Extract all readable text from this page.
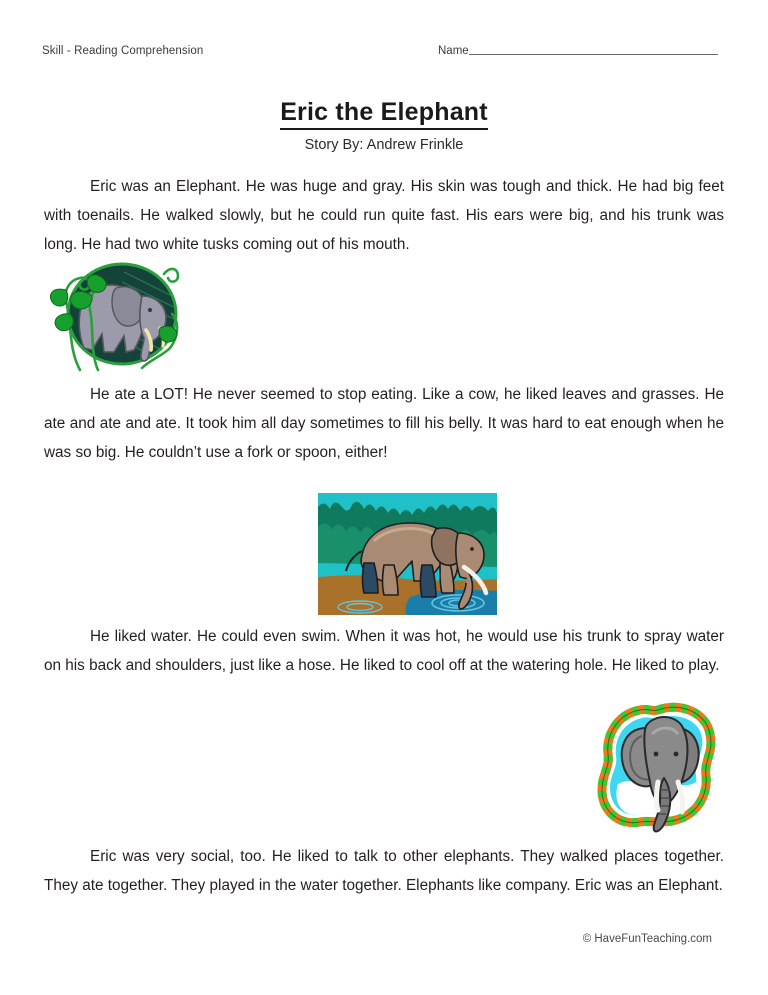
Skill - Reading Comprehension	Name
Eric the Elephant
Story By: Andrew Frinkle
Eric was an Elephant. He was huge and gray. His skin was tough and thick. He had big feet with toenails. He walked slowly, but he could run quite fast. His ears were big, and his trunk was long. He had two white tusks coming out of his mouth.
He ate a LOT! He never seemed to stop eating. Like a cow, he liked leaves and grasses. He ate and ate and ate. It took him all day sometimes to fill his belly. It was hard to eat enough when he was so big. He couldn’t use a fork or spoon, either!
He liked water. He could even swim. When it was hot, he would use his trunk to spray water on his back and shoulders, just like a hose. He liked to cool off at the watering hole. He liked to play.
Eric was very social, too. He liked to talk to other elephants. They walked places together. They ate together. They played in the water together. Elephants like company. Eric was an Elephant.
© HaveFunTeaching.com
